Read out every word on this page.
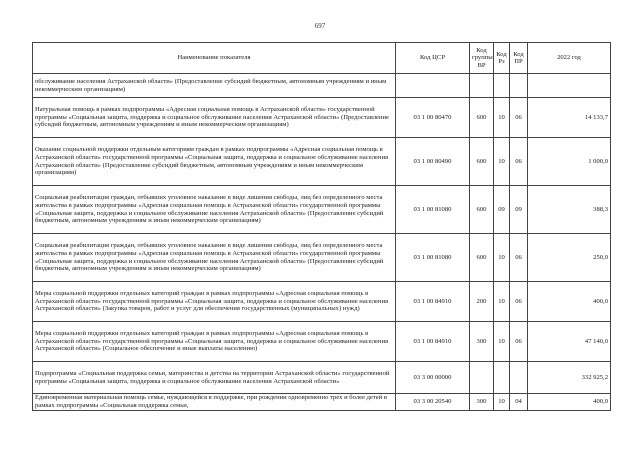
697
Наименование показателя	Код ЦСР	Код группы ВР	Код Рз	Код ПР	2022 год
обслуживание населения Астраханской области» (Предоставление субсидий бюджетным, автономным учреждениям и иным некоммерческим организациям)					
Натуральная помощь в рамках подпрограммы «Адресная социальная помощь в Астраханской области» государственной программы «Социальная защита, поддержка и социальное обслуживание населения Астраханской области» (Предоставление субсидий бюджетным, автономным учреждениям и иным некоммерческим организациям)	03 1 00 80470	600	10	06	14 133,7
Оказание социальной поддержки отдельным категориям граждан в рамках подпрограммы «Адресная социальная помощь в Астраханской области» государственной программы «Социальная защита, поддержка и социальное обслуживание населения Астраханской области» (Предоставление субсидий бюджетным, автономным учреждениям и иным некоммерческим организациям)	03 1 00 80490	600	10	06	1 000,0
Социальная реабилитация граждан, отбывших уголовное наказание в виде лишения свободы, лиц без определенного места жительства в рамках подпрограммы «Адресная социальная помощь в Астраханской области» государственной программы «Социальная защита, поддержка и социальное обслуживание населения Астраханской области» (Предоставление субсидий бюджетным, автономным учреждениям и иным некоммерческим организациям)	03 1 00 81080	600	09	09	388,3
Социальная реабилитация граждан, отбывших уголовное наказание в виде лишения свободы, лиц без определенного места жительства в рамках подпрограммы «Адресная социальная помощь в Астраханской области» государственной программы «Социальная защита, поддержка и социальное обслуживание населения Астраханской области» (Предоставление субсидий бюджетным, автономным учреждениям и иным некоммерческим организациям)	03 1 00 81080	600	10	06	250,0
Меры социальной поддержки отдельных категорий граждан в рамках подпрограммы «Адресная социальная помощь в Астраханской области» государственной программы «Социальная защита, поддержка и социальное обслуживание населения Астраханской области» (Закупка товаров, работ и услуг для обеспечения государственных (муниципальных) нужд)	03 1 00 84910	200	10	06	400,0
Меры социальной поддержки отдельных категорий граждан в рамках подпрограммы «Адресная социальная помощь в Астраханской области» государственной программы «Социальная защита, поддержка и социальное обслуживание населения Астраханской области» (Социальное обеспечение и иные выплаты населению)	03 1 00 84910	300	10	06	47 140,0
Подпрограмма «Социальная поддержка семьи, материнства и детства на территории Астраханской области» государственной программы «Социальная защита, поддержка и социальное обслуживание населения Астраханской области»	03 3 00 00000				332 925,2
Единовременная материальная помощь семье, нуждающейся в поддержке, при рождении одновременно трех и более детей в рамках подпрограммы «Социальная поддержка семьи,	03 3 00 20540	300	10	04	400,0
